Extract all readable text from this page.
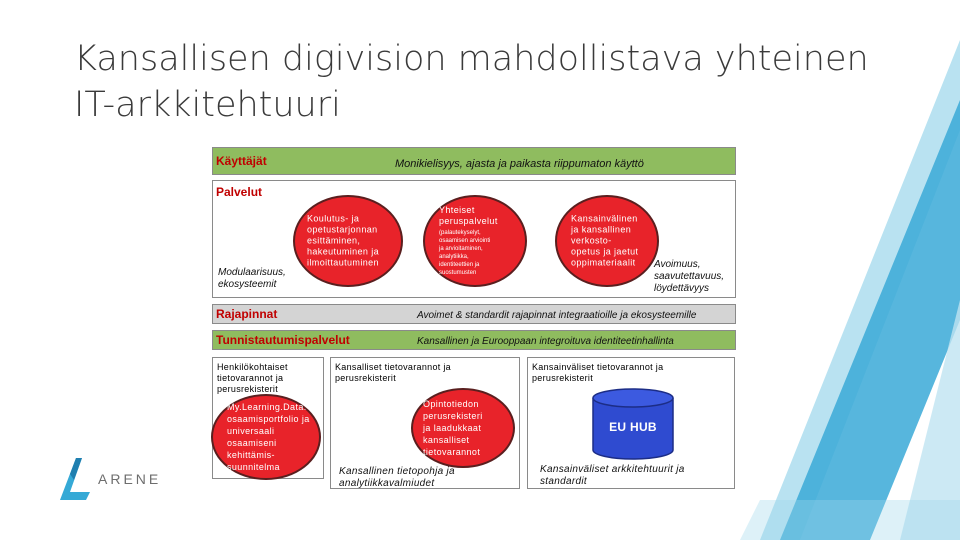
Kansallisen digivision mahdollistava yhteinen IT-arkkitehtuuri
Käyttäjät	Monikielisyys, ajasta ja paikasta riippumaton käyttö
Palvelut
Modulaarisuus,
ekosysteemit
Koulutus- ja
opetustarjonnan
esittäminen,
hakeutuminen ja
ilmoittautuminen
Yhteiset
peruspalvelut
(palautekyselyt,
osaamisen arviointi
ja arvioitaminen,
analytiikka,
identiteettien ja
suostumusten
Kansainvälinen
ja kansallinen
verkosto-
opetus ja jaetut
oppimateriaalit	Avoimuus,
saavutettavuus,
löydettävyys
Rajapinnat	Avoimet & standardit rajapinnat integraatioille ja ekosysteemille
Tunnistautumispalvelut	Kansallinen ja Eurooppaan integroituva identiteetinhallinta
Henkilökohtaiset
tietovarannot ja
perusrekisterit
My.Learning.Data:
osaamisportfolio ja
universaali
osaamiseni
kehittämis-
suunnitelma
Kansalliset tietovarannot ja
perusrekisterit
Opintotiedon
perusrekisteri
ja laadukkaat
kansalliset
tietovarannot
Kansallinen tietopohja ja
analytiikkavalmiudet
Kansainväliset tietovarannot ja
perusrekisterit
EU HUB
Kansainväliset arkkitehtuurit ja
standardit
ARENE
